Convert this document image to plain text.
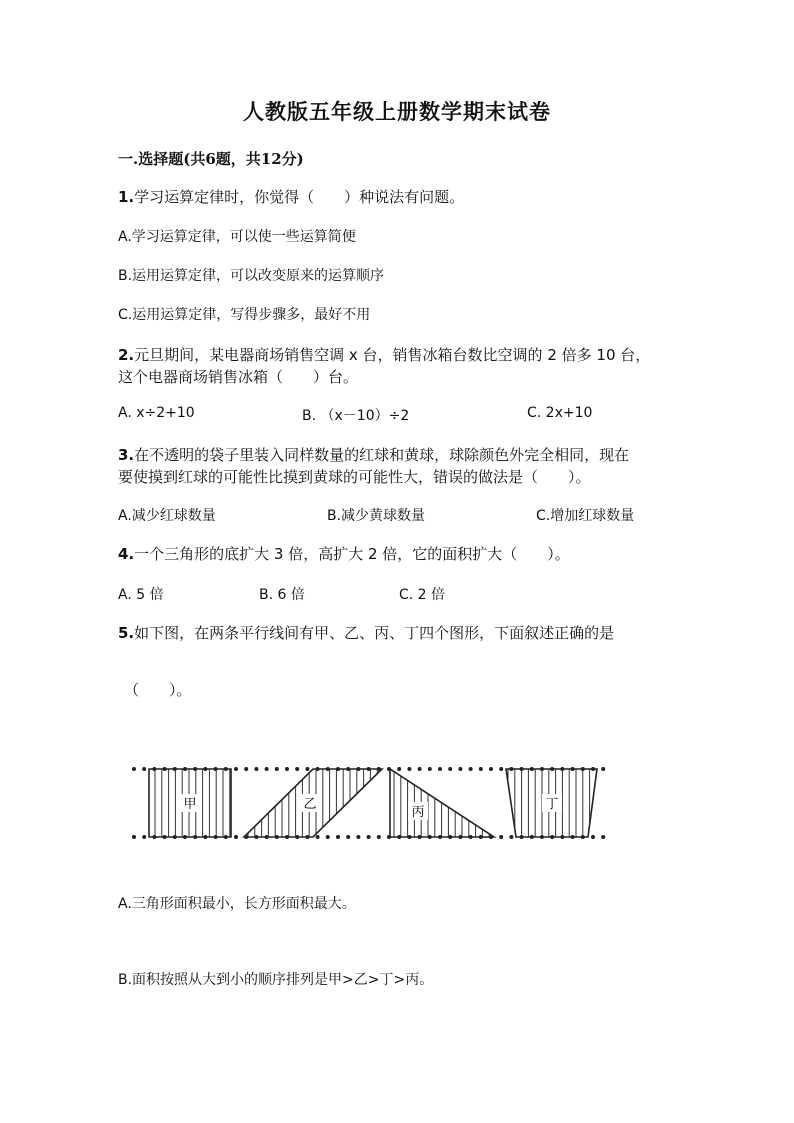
人教版五年级上册数学期末试卷
一.选择题(共6题，共12分)
1.学习运算定律时，你觉得（　　）种说法有问题。
A.学习运算定律，可以使一些运算简便
B.运用运算定律，可以改变原来的运算顺序
C.运用运算定律，写得步骤多，最好不用
2.元旦期间，某电器商场销售空调 x 台，销售冰箱台数比空调的 2 倍多 10 台，
这个电器商场销售冰箱（　　）台。
A. x÷2+10	B. （x－10）÷2	C. 2x+10
3.在不透明的袋子里装入同样数量的红球和黄球，球除颜色外完全相同，现在
要使摸到红球的可能性比摸到黄球的可能性大，错误的做法是（　　）。
A.减少红球数量	B.减少黄球数量	C.增加红球数量
4.一个三角形的底扩大 3 倍，高扩大 2 倍，它的面积扩大（　　）。
A. 5 倍	B. 6 倍	C. 2 倍
5.如下图，在两条平行线间有甲、乙、丙、丁四个图形，下面叙述正确的是
（　　）。
甲	乙
丙
丁
A.三角形面积最小，长方形面积最大。
B.面积按照从大到小的顺序排列是甲>乙>丁>丙。
